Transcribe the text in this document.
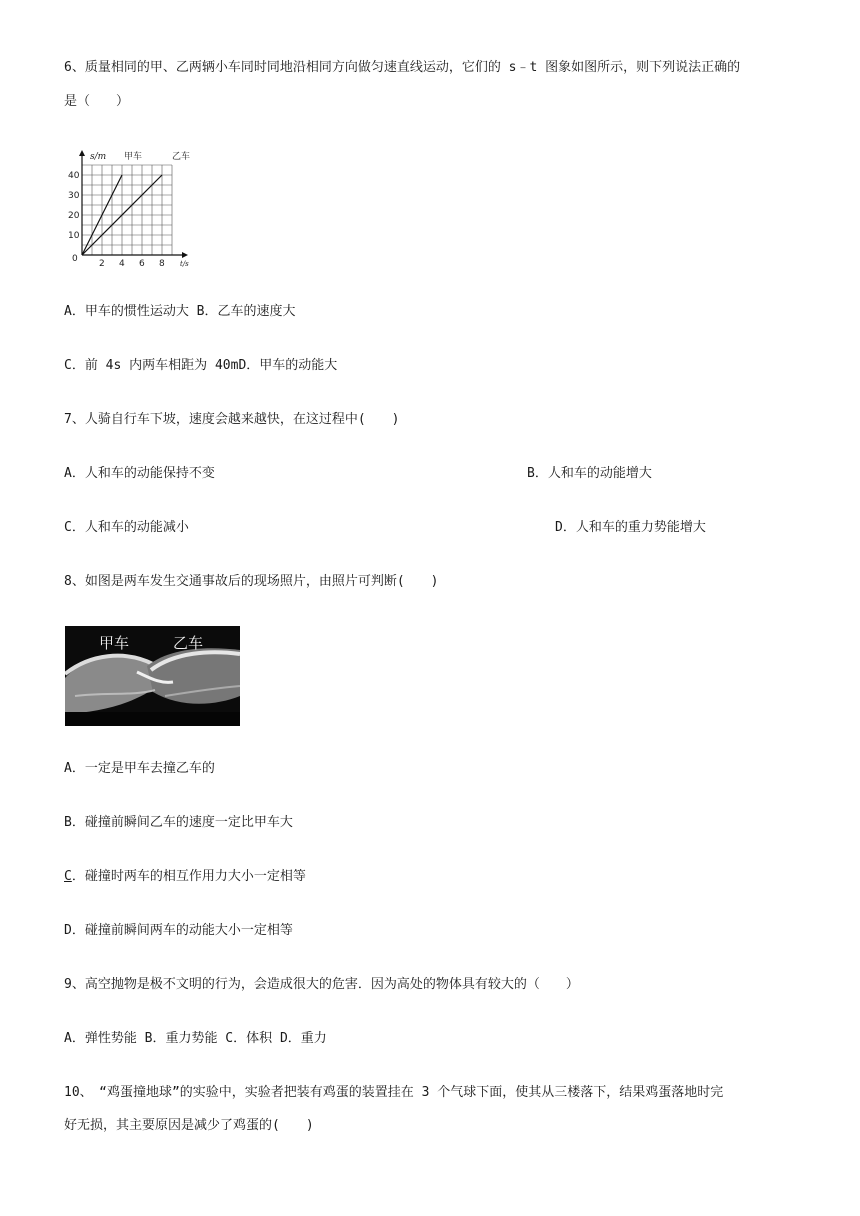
6、质量相同的甲、乙两辆小车同时同地沿相同方向做匀速直线运动，它们的 s﹣t 图象如图所示，则下列说法正确的
是（　　）
10
20
30
40
2 4 6 8
s/m 甲车	乙车
t/s
0
A．甲车的惯性运动大 B．乙车的速度大
C．前 4s 内两车相距为 40mD．甲车的动能大
7、人骑自行车下坡，速度会越来越快，在这过程中(　　)
A．人和车的动能保持不变	B．人和车的动能增大
C．人和车的动能减小	D．人和车的重力势能增大
8、如图是两车发生交通事故后的现场照片，由照片可判断(　　)
甲车	乙车
A．一定是甲车去撞乙车的
B．碰撞前瞬间乙车的速度一定比甲车大
C．碰撞时两车的相互作用力大小一定相等
D．碰撞前瞬间两车的动能大小一定相等
9、高空抛物是极不文明的行为，会造成很大的危害．因为高处的物体具有较大的（　　）
A．弹性势能 B．重力势能 C．体积 D．重力
10、　“鸡蛋撞地球”的实验中，实验者把装有鸡蛋的装置挂在 3 个气球下面，使其从三楼落下，结果鸡蛋落地时完
好无损，其主要原因是减少了鸡蛋的(　　)
